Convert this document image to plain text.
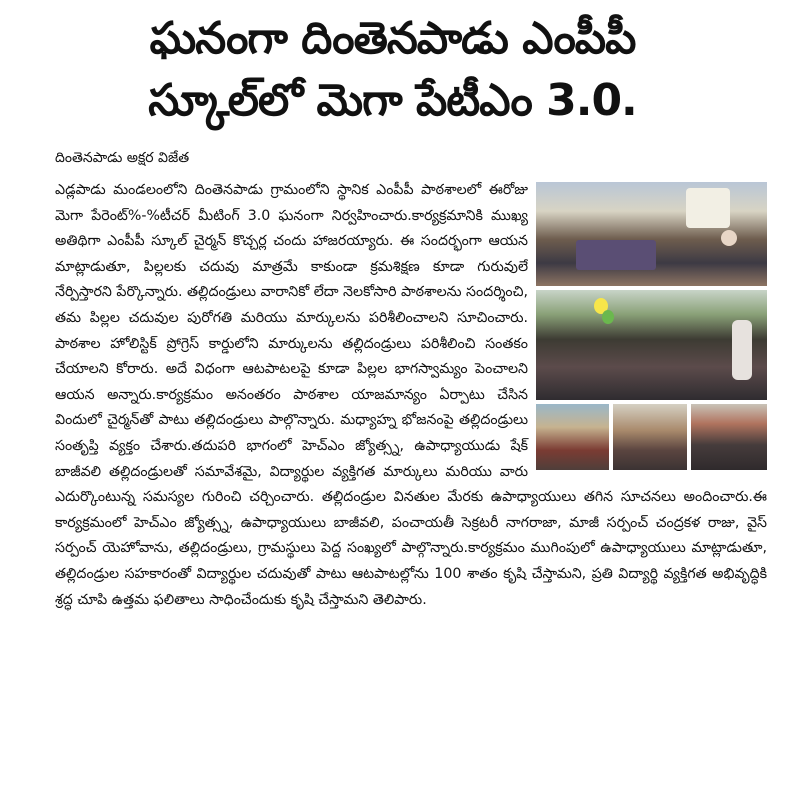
ఘనంగా దింతెనపాడు ఎంపీపీ
స్కూల్‌లో మెగా పేటీఎం 3.0.
దింతెనపాడు అక్షర విజేత
ఎడ్లపాడు మండలంలోని దింతెనపాడు గ్రామంలోని స్థానిక ఎంపీపీ పాఠశాలలో ఈరోజు మెగా పేరెంట్%-%టీచర్ మీటింగ్ 3.0 ఘనంగా నిర్వహించారు.కార్యక్రమానికి ముఖ్య అతిథిగా ఎంపీపీ స్కూల్ చైర్మన్ కొచ్చర్ల చందు హాజరయ్యారు. ఈ సందర్భంగా ఆయన మాట్లాడుతూ, పిల్లలకు చదువు మాత్రమే కాకుండా క్రమశిక్షణ కూడా గురువులే నేర్పిస్తారని పేర్కొన్నారు. తల్లిదండ్రులు వారానికో లేదా నెలకోసారి పాఠశాలను సందర్శించి, తమ పిల్లల చదువుల పురోగతి మరియు మార్కులను పరిశీలించాలని సూచించారు. పాఠశాల హోలిస్టిక్ ప్రోగ్రెస్ కార్డులోని మార్కులను తల్లిదండ్రులు పరిశీలించి సంతకం చేయాలని కోరారు. అదే విధంగా ఆటపాటలపై కూడా పిల్లల భాగస్వామ్యం పెంచాలని ఆయన అన్నారు.కార్యక్రమం అనంతరం పాఠశాల యాజమాన్యం ఏర్పాటు చేసిన విందులో చైర్మన్‌తో పాటు తల్లిదండ్రులు పాల్గొన్నారు. మధ్యాహ్న భోజనంపై తల్లిదండ్రులు సంతృప్తి వ్యక్తం చేశారు.తదుపరి భాగంలో హెచ్ఎం జ్యోత్స్న, ఉపాధ్యాయుడు షేక్ బాజీవలి తల్లిదండ్రులతో సమావేశమై, విద్యార్థుల వ్యక్తిగత మార్కులు మరియు వారు ఎదుర్కొంటున్న సమస్యల గురించి చర్చించారు. తల్లిదండ్రుల వినతుల మేరకు ఉపాధ్యాయులు తగిన సూచనలు అందించారు.ఈ కార్యక్రమంలో హెచ్ఎం జ్యోత్స్న, ఉపాధ్యాయులు బాజీవలి, పంచాయతీ సెక్రటరీ నాగరాజా, మాజీ సర్పంచ్ చంద్రకళ రాజు, వైస్ సర్పంచ్ యెహోవాను, తల్లిదండ్రులు, గ్రామస్థులు పెద్ద సంఖ్యలో పాల్గొన్నారు.కార్యక్రమం ముగింపులో ఉపాధ్యాయులు మాట్లాడుతూ, తల్లిదండ్రుల సహకారంతో విద్యార్థుల చదువుతో పాటు ఆటపాటల్లోను 100 శాతం కృషి చేస్తామని, ప్రతి విద్యార్థి వ్యక్తిగత అభివృద్ధికి శ్రద్ధ చూపి ఉత్తమ ఫలితాలు సాధించేందుకు కృషి చేస్తామని తెలిపారు.
